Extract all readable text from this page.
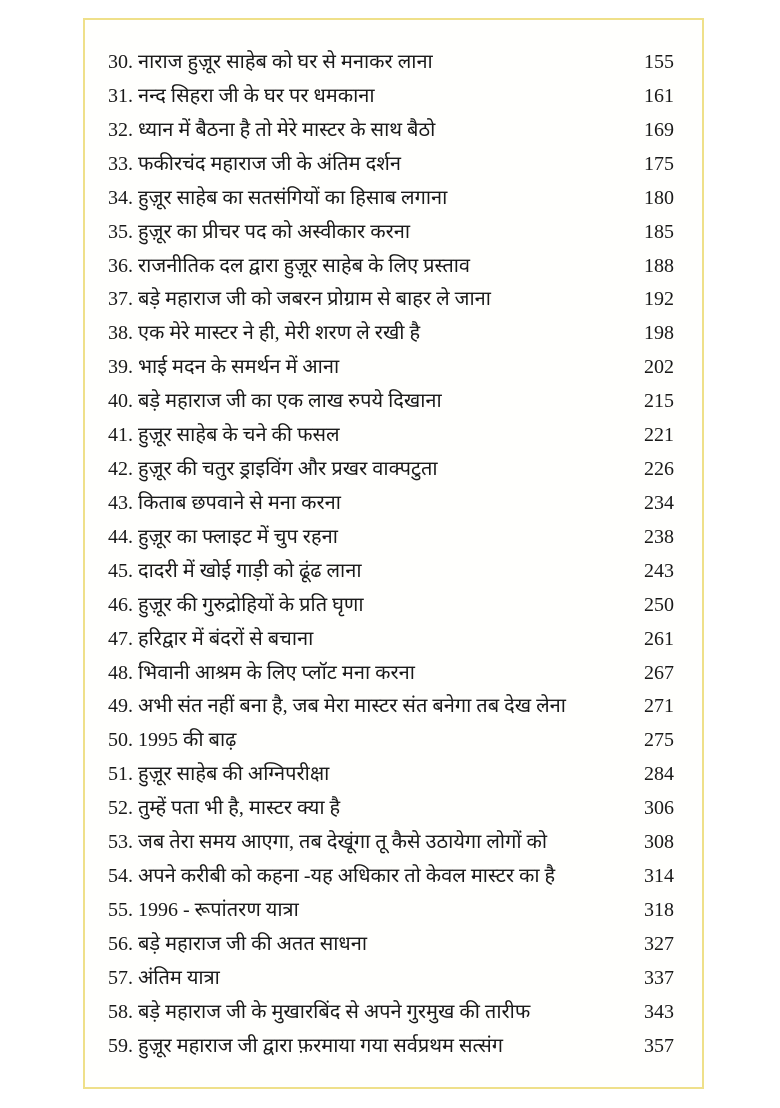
30. नाराज हुज़ूर साहेब को घर से मनाकर लाना	155
31. नन्द सिहरा जी के घर पर धमकाना	161
32. ध्यान में बैठना है तो मेरे मास्टर के साथ बैठो	169
33. फकीरचंद महाराज जी के अंतिम दर्शन	175
34. हुज़ूर साहेब का सतसंगियों का हिसाब लगाना	180
35. हुज़ूर का प्रीचर पद को अस्वीकार करना	185
36. राजनीतिक दल द्वारा हुज़ूर साहेब के लिए प्रस्ताव	188
37. बड़े महाराज जी को जबरन प्रोग्राम से बाहर ले जाना	192
38. एक मेरे मास्टर ने ही, मेरी शरण ले रखी है	198
39. भाई मदन के समर्थन में आना	202
40. बड़े महाराज जी का एक लाख रुपये दिखाना	215
41. हुज़ूर साहेब के चने की फसल	221
42. हुज़ूर की चतुर ड्राइविंग और प्रखर वाक्पटुता	226
43. किताब छपवाने से मना करना	234
44. हुज़ूर का फ्लाइट में चुप रहना	238
45. दादरी में खोई गाड़ी को ढूंढ लाना	243
46. हुज़ूर की गुरुद्रोहियों के प्रति घृणा	250
47. हरिद्वार में बंदरों से बचाना	261
48. भिवानी आश्रम के लिए प्लॉट मना करना	267
49. अभी संत नहीं बना है, जब मेरा मास्टर संत बनेगा तब देख लेना	271
50. 1995 की बाढ़	275
51. हुज़ूर साहेब की अग्निपरीक्षा	284
52. तुम्हें पता भी है, मास्टर क्या है	306
53. जब तेरा समय आएगा, तब देखूंगा तू कैसे उठायेगा लोगों को	308
54. अपने करीबी को कहना -यह अधिकार तो केवल मास्टर का है	314
55. 1996 - रूपांतरण यात्रा	318
56. बड़े महाराज जी की अतत साधना	327
57. अंतिम यात्रा	337
58. बड़े महाराज जी के मुखारबिंद से अपने गुरमुख की तारीफ	343
59. हुज़ूर महाराज जी द्वारा फ़रमाया गया सर्वप्रथम सत्संग	357
